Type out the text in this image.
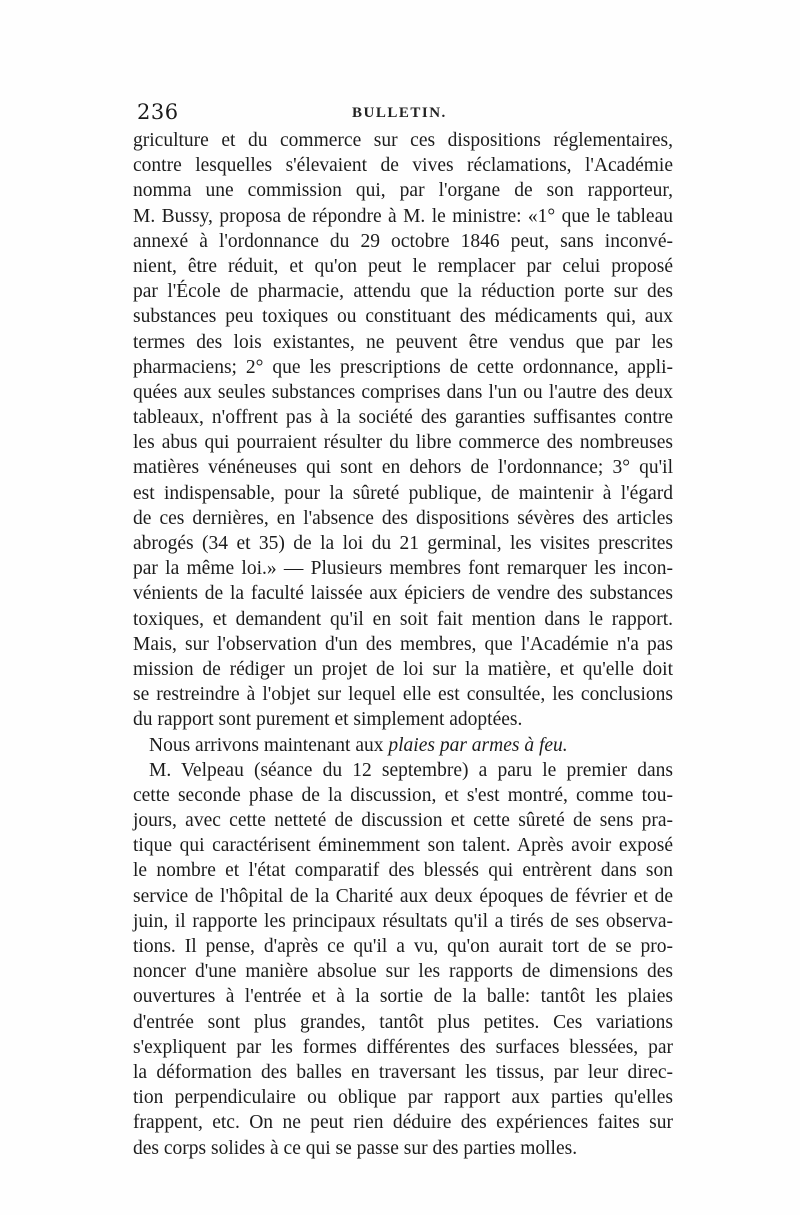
236	BULLETIN.
griculture et du commerce sur ces dispositions réglementaires,
contre lesquelles s'élevaient de vives réclamations, l'Académie
nomma une commission qui, par l'organe de son rapporteur,
M. Bussy, proposa de répondre à M. le ministre: «1° que le tableau
annexé à l'ordonnance du 29 octobre 1846 peut, sans inconvé-
nient, être réduit, et qu'on peut le remplacer par celui proposé
par l'École de pharmacie, attendu que la réduction porte sur des
substances peu toxiques ou constituant des médicaments qui, aux
termes des lois existantes, ne peuvent être vendus que par les
pharmaciens; 2° que les prescriptions de cette ordonnance, appli-
quées aux seules substances comprises dans l'un ou l'autre des deux
tableaux, n'offrent pas à la société des garanties suffisantes contre
les abus qui pourraient résulter du libre commerce des nombreuses
matières vénéneuses qui sont en dehors de l'ordonnance; 3° qu'il
est indispensable, pour la sûreté publique, de maintenir à l'égard
de ces dernières, en l'absence des dispositions sévères des articles
abrogés (34 et 35) de la loi du 21 germinal, les visites prescrites
par la même loi.» — Plusieurs membres font remarquer les incon-
vénients de la faculté laissée aux épiciers de vendre des substances
toxiques, et demandent qu'il en soit fait mention dans le rapport.
Mais, sur l'observation d'un des membres, que l'Académie n'a pas
mission de rédiger un projet de loi sur la matière, et qu'elle doit
se restreindre à l'objet sur lequel elle est consultée, les conclusions
du rapport sont purement et simplement adoptées.
Nous arrivons maintenant aux plaies par armes à feu.
M. Velpeau (séance du 12 septembre) a paru le premier dans
cette seconde phase de la discussion, et s'est montré, comme tou-
jours, avec cette netteté de discussion et cette sûreté de sens pra-
tique qui caractérisent éminemment son talent. Après avoir exposé
le nombre et l'état comparatif des blessés qui entrèrent dans son
service de l'hôpital de la Charité aux deux époques de février et de
juin, il rapporte les principaux résultats qu'il a tirés de ses observa-
tions. Il pense, d'après ce qu'il a vu, qu'on aurait tort de se pro-
noncer d'une manière absolue sur les rapports de dimensions des
ouvertures à l'entrée et à la sortie de la balle: tantôt les plaies
d'entrée sont plus grandes, tantôt plus petites. Ces variations
s'expliquent par les formes différentes des surfaces blessées, par
la déformation des balles en traversant les tissus, par leur direc-
tion perpendiculaire ou oblique par rapport aux parties qu'elles
frappent, etc. On ne peut rien déduire des expériences faites sur
des corps solides à ce qui se passe sur des parties molles.
